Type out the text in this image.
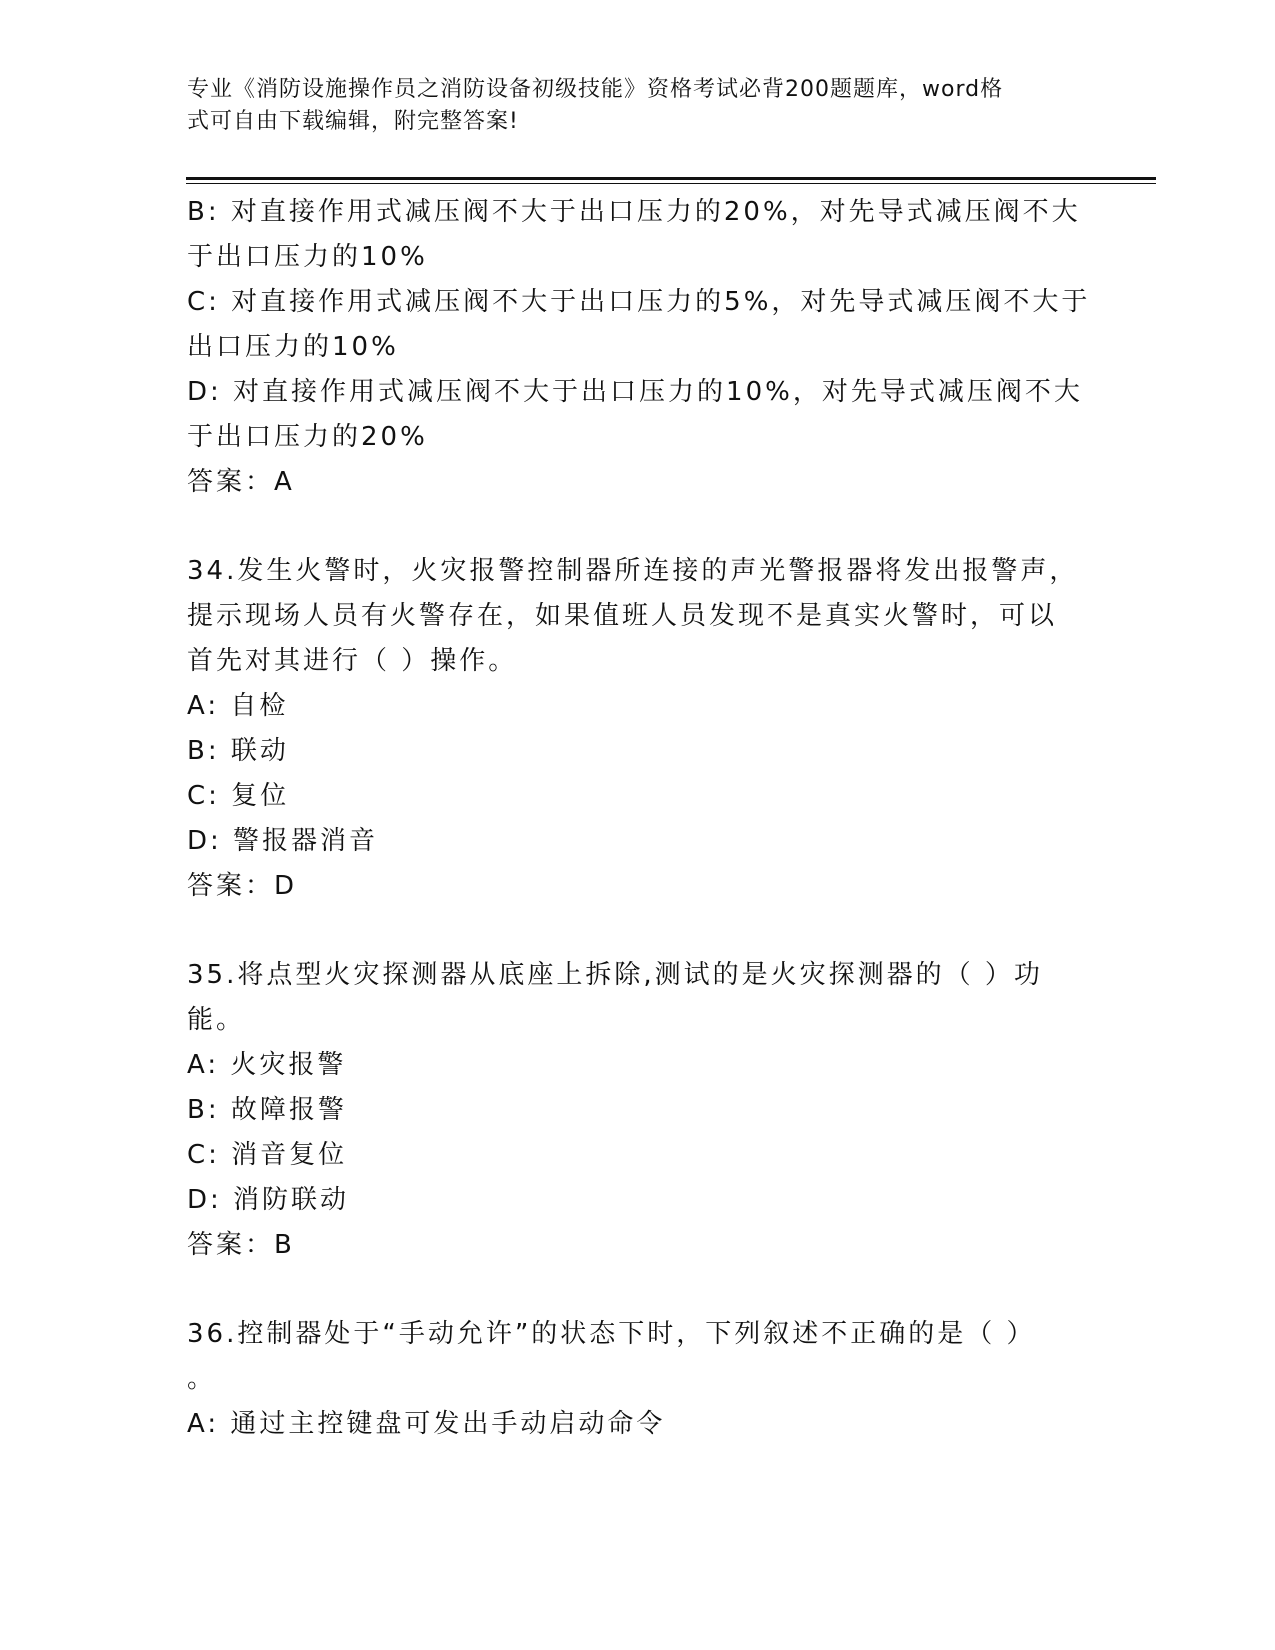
专业《消防设施操作员之消防设备初级技能》资格考试必背200题题库，word格
式可自由下载编辑，附完整答案!
B: 对直接作用式减压阀不大于出口压力的20%，对先导式减压阀不大
于出口压力的10%
C: 对直接作用式减压阀不大于出口压力的5%，对先导式减压阀不大于
出口压力的10%
D: 对直接作用式减压阀不大于出口压力的10%，对先导式减压阀不大
于出口压力的20%
答案：A
34.发生火警时，火灾报警控制器所连接的声光警报器将发出报警声，
提示现场人员有火警存在，如果值班人员发现不是真实火警时，可以
首先对其进行（ ）操作。
A: 自检
B: 联动
C: 复位
D: 警报器消音
答案：D
35.将点型火灾探测器从底座上拆除,测试的是火灾探测器的（ ）功
能。
A: 火灾报警
B: 故障报警
C: 消音复位
D: 消防联动
答案：B
36.控制器处于“手动允许”的状态下时，下列叙述不正确的是（ ）
。
A: 通过主控键盘可发出手动启动命令
